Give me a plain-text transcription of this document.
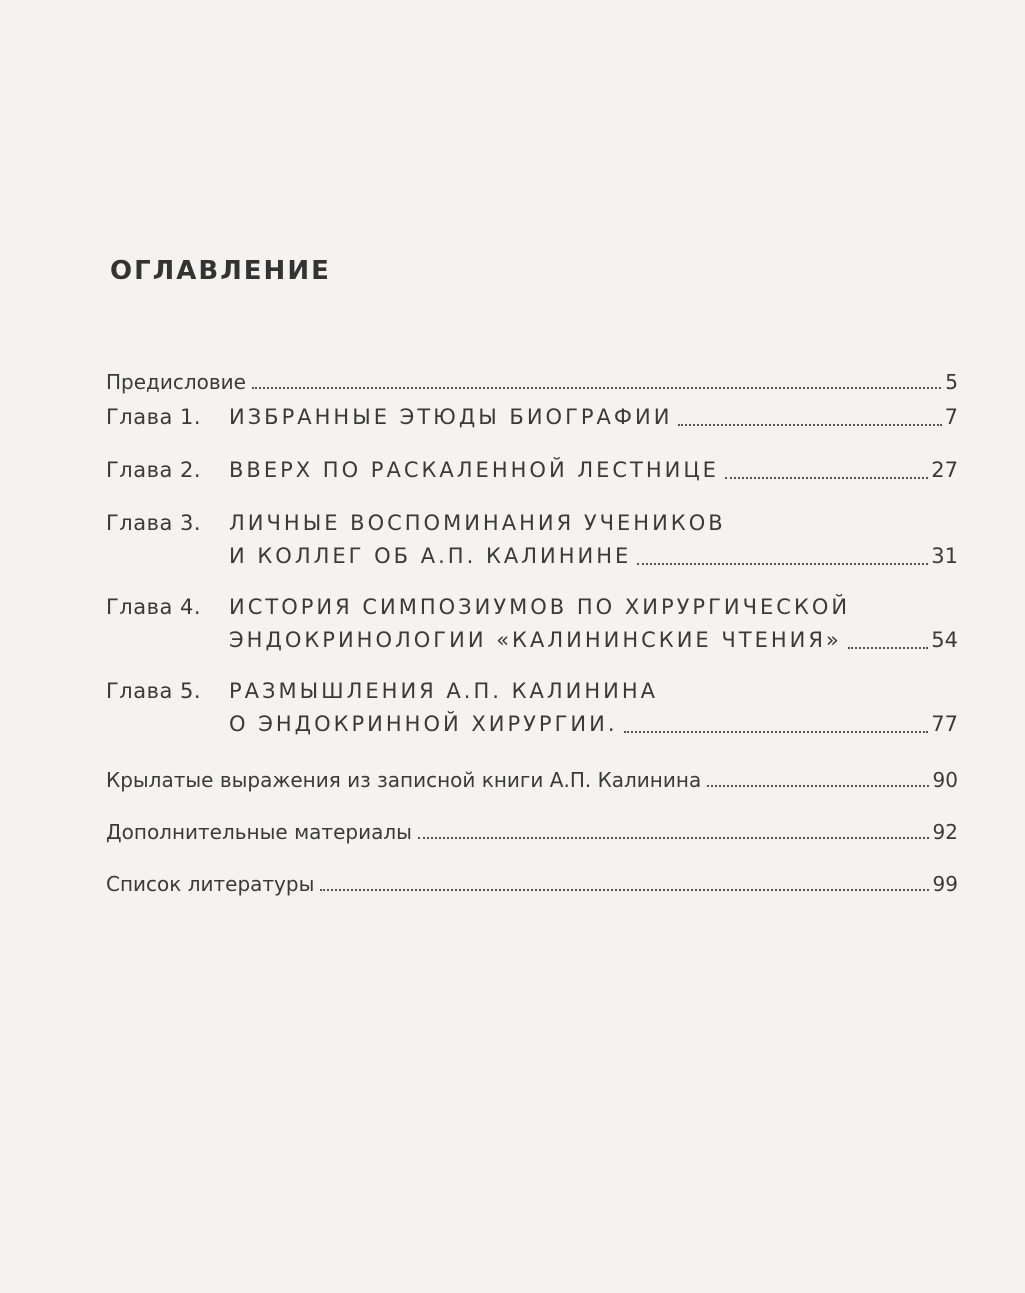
ОГЛАВЛЕНИЕ
Предисловие	5
Глава 1.	ИЗБРАННЫЕ ЭТЮДЫ БИОГРАФИИ	7
Глава 2.	ВВЕРХ ПО РАСКАЛЕННОЙ ЛЕСТНИЦЕ	27
Глава 3.	ЛИЧНЫЕ ВОСПОМИНАНИЯ УЧЕНИКОВ
И КОЛЛЕГ ОБ А.П. КАЛИНИНЕ	31
Глава 4.	ИСТОРИЯ СИМПОЗИУМОВ ПО ХИРУРГИЧЕСКОЙ
ЭНДОКРИНОЛОГИИ «КАЛИНИНСКИЕ ЧТЕНИЯ»	54
Глава 5.	РАЗМЫШЛЕНИЯ А.П. КАЛИНИНА
О ЭНДОКРИННОЙ ХИРУРГИИ.	77
Крылатые выражения из записной книги А.П. Калинина	90
Дополнительные материалы	92
Список литературы	99
